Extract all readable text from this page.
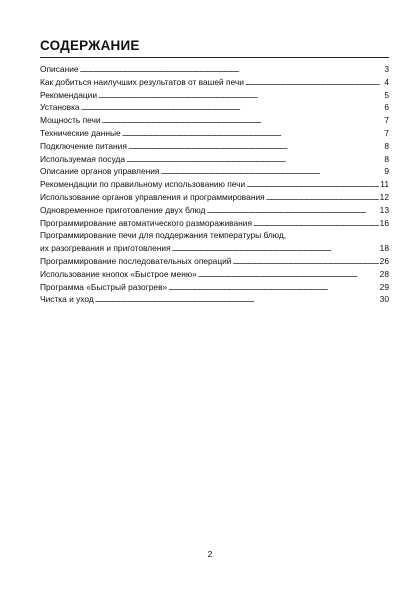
СОДЕРЖАНИЕ
Описание . . .	3
Как добиться наилучших результатов от вашей печи . . .	4
Рекомендации . . .	5
Установка . . .	6
Мощность печи . . .	7
Технические данные . . .	7
Подключение питания . . .	8
Используемая посуда . . .	8
Описание органов управления . . .	9
Рекомендации по правильному использованию печи . . .	11
Использование органов управления и программирования . . .	12
Одновременное приготовление двух блюд . . .	13
Программирование автоматического размораживания . . .	16
Программирование печи для поддержания температуры блюд,
их разогревания и приготовления . . .	18
Программирование последовательных операций . . .	26
Использование кнопок «Быстрое меню» . . .	28
Программа «Быстрый разогрев» . . .	29
Чистка и уход . . .	30
2
